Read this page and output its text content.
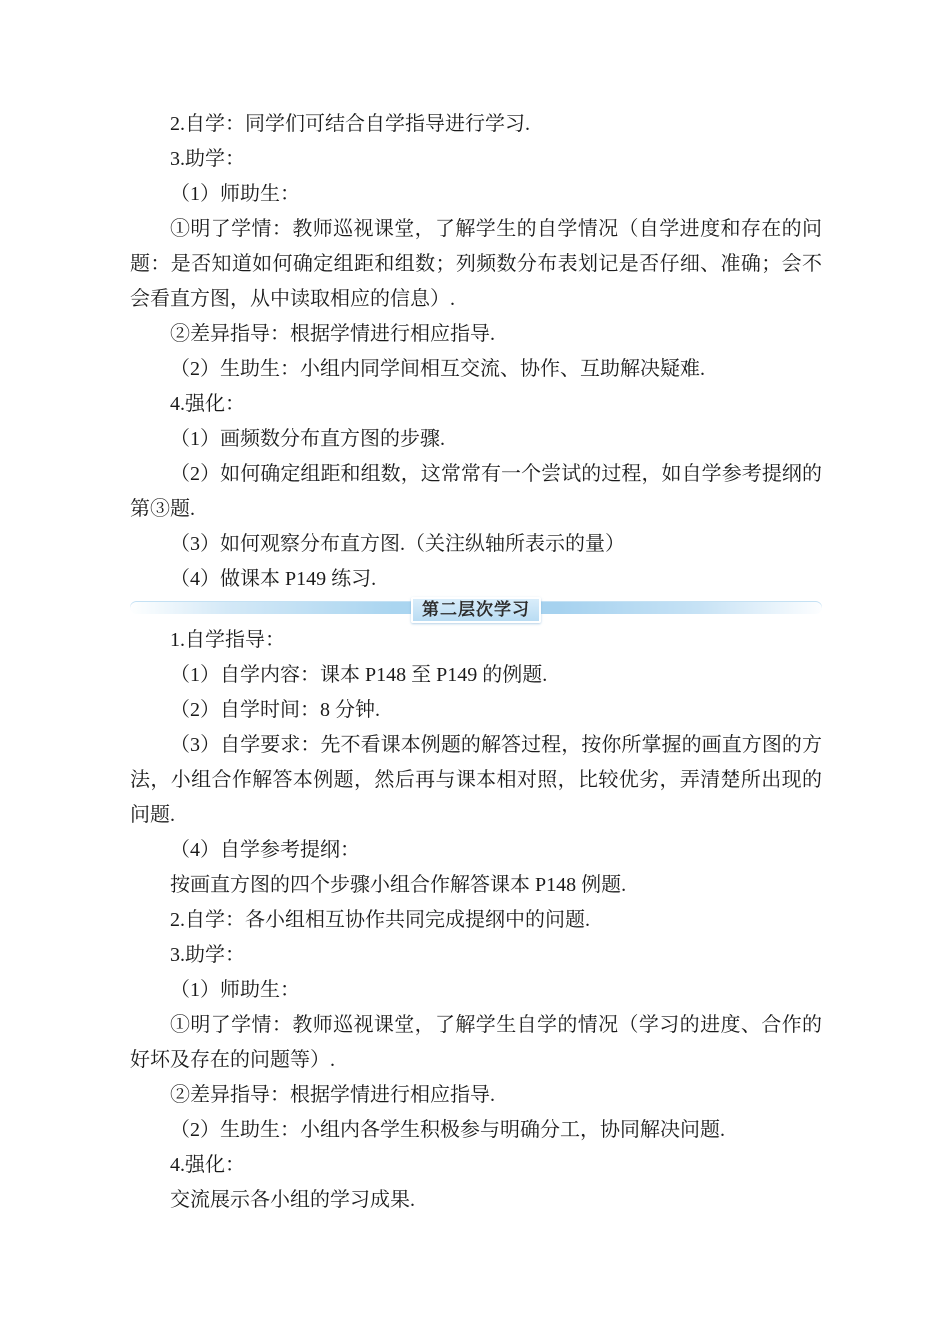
2.自学：同学们可结合自学指导进行学习.

3.助学：

（1）师助生：

①明了学情：教师巡视课堂，了解学生的自学情况（自学进度和存在的问题：是否知道如何确定组距和组数；列频数分布表划记是否仔细、准确；会不会看直方图，从中读取相应的信息）.

②差异指导：根据学情进行相应指导.

（2）生助生：小组内同学间相互交流、协作、互助解决疑难.

4.强化：

（1）画频数分布直方图的步骤.

（2）如何确定组距和组数，这常常有一个尝试的过程，如自学参考提纲的第③题.

（3）如何观察分布直方图.（关注纵轴所表示的量）

（4）做课本 P149 练习.

第二层次学习

1.自学指导：

（1）自学内容：课本 P148 至 P149 的例题.

（2）自学时间：8 分钟.

（3）自学要求：先不看课本例题的解答过程，按你所掌握的画直方图的方法，小组合作解答本例题，然后再与课本相对照，比较优劣，弄清楚所出现的问题.

（4）自学参考提纲：

按画直方图的四个步骤小组合作解答课本 P148 例题.

2.自学：各小组相互协作共同完成提纲中的问题.

3.助学：

（1）师助生：

①明了学情：教师巡视课堂，了解学生自学的情况（学习的进度、合作的好坏及存在的问题等）.

②差异指导：根据学情进行相应指导.

（2）生助生：小组内各学生积极参与明确分工，协同解决问题.

4.强化：

交流展示各小组的学习成果.
